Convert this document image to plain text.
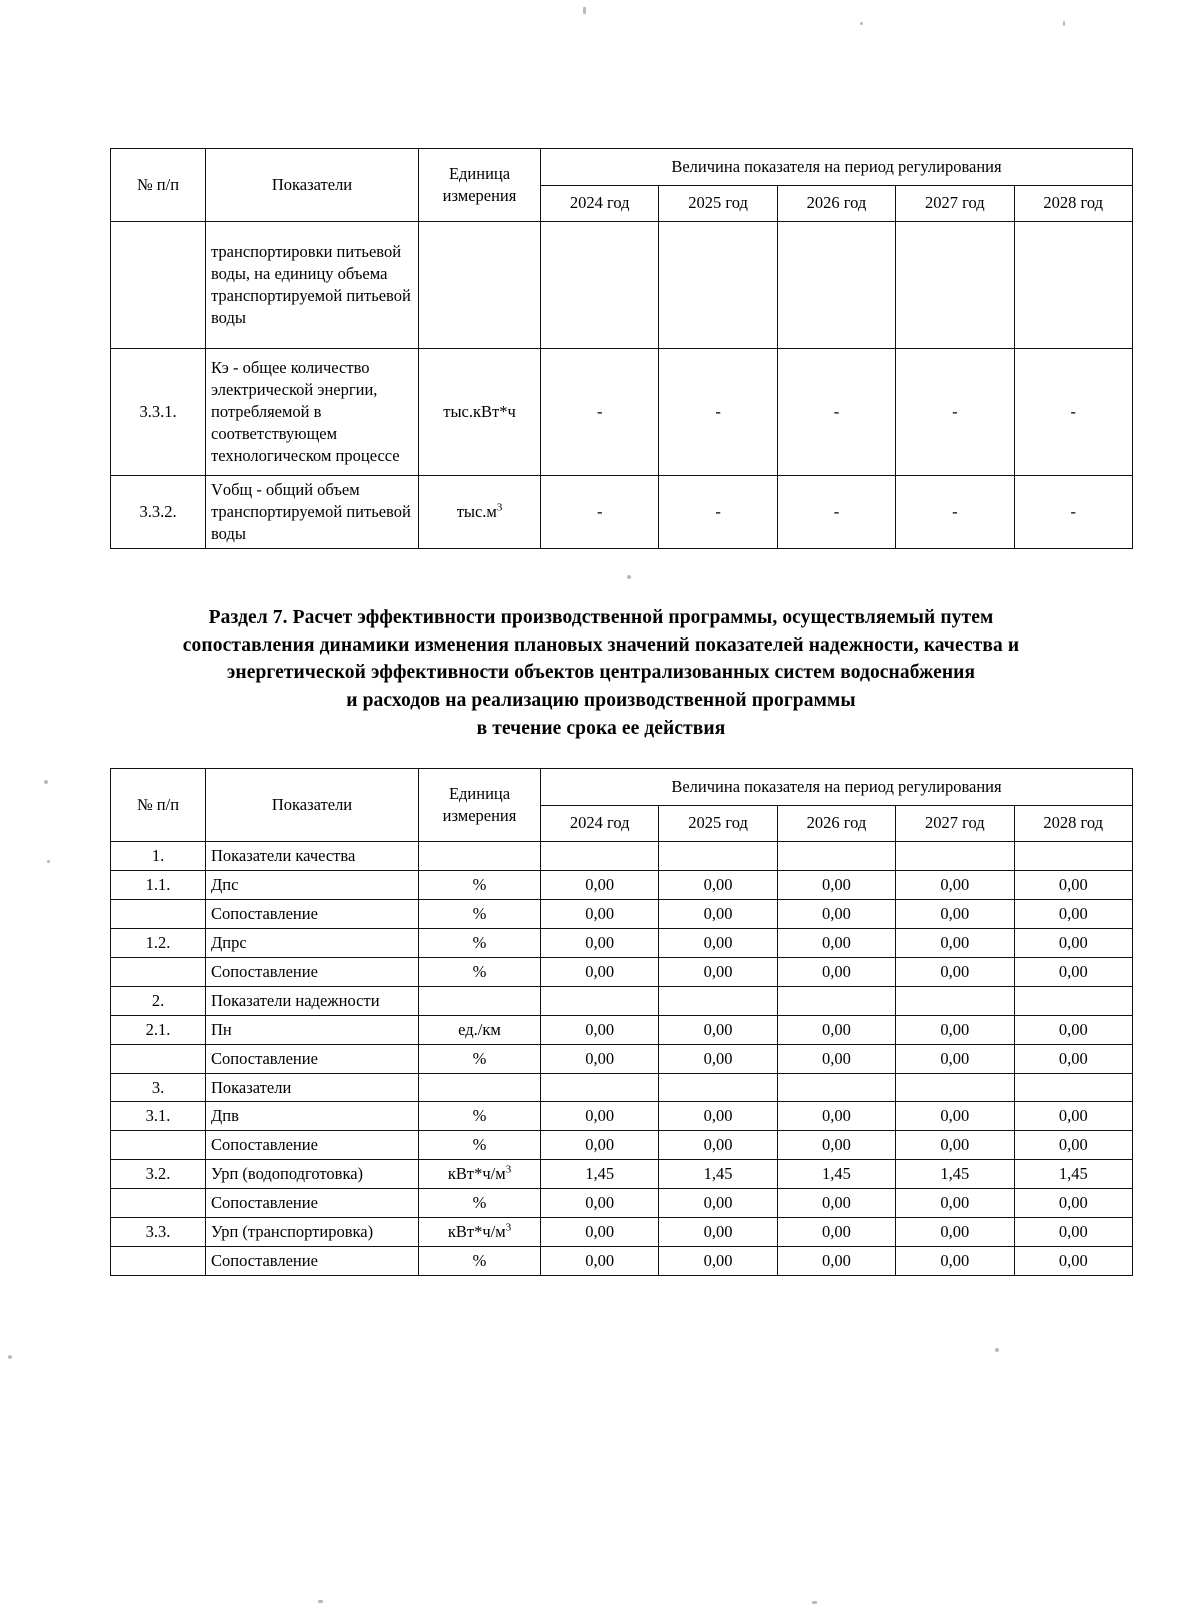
№ п/п	Показатели	Единица
измерения	Величина показателя на период регулирования				
			2024 год	2025 год	2026 год	2027 год	2028 год
	транспортировки питьевой воды, на единицу объема транспортируемой питьевой воды						
3.3.1.	Кэ - общее количество электрической энергии, потребляемой в соответствующем технологическом процессе	тыс.кВт*ч	-	-	-	-	-
3.3.2.	Vобщ - общий объем транспортируемой питьевой воды	$тыс.м^3$	-	-	-	-	-
Раздел 7. Расчет эффективности производственной программы, осуществляемый путем
сопоставления динамики изменения плановых значений показателей надежности, качества и
энергетической эффективности объектов централизованных систем водоснабжения
и расходов на реализацию производственной программы
в течение срока ее действия
№ п/п	Показатели	Единица
измерения	Величина показателя на период регулирования				
			2024 год	2025 год	2026 год	2027 год	2028 год
1.	Показатели качества						
1.1.	Дпс	%	0,00	0,00	0,00	0,00	0,00
	Сопоставление	%	0,00	0,00	0,00	0,00	0,00
1.2.	Дпрс	%	0,00	0,00	0,00	0,00	0,00
	Сопоставление	%	0,00	0,00	0,00	0,00	0,00
2.	Показатели надежности						
2.1.	Пн	ед./км	0,00	0,00	0,00	0,00	0,00
	Сопоставление	%	0,00	0,00	0,00	0,00	0,00
3.	Показатели						
3.1.	Дпв	%	0,00	0,00	0,00	0,00	0,00
	Сопоставление	%	0,00	0,00	0,00	0,00	0,00
3.2.	Урп (водоподготовка)	$кВт*ч/м^3$	1,45	1,45	1,45	1,45	1,45
	Сопоставление	%	0,00	0,00	0,00	0,00	0,00
3.3.	Урп (транспортировка)	$кВт*ч/м^3$	0,00	0,00	0,00	0,00	0,00
	Сопоставление	%	0,00	0,00	0,00	0,00	0,00
